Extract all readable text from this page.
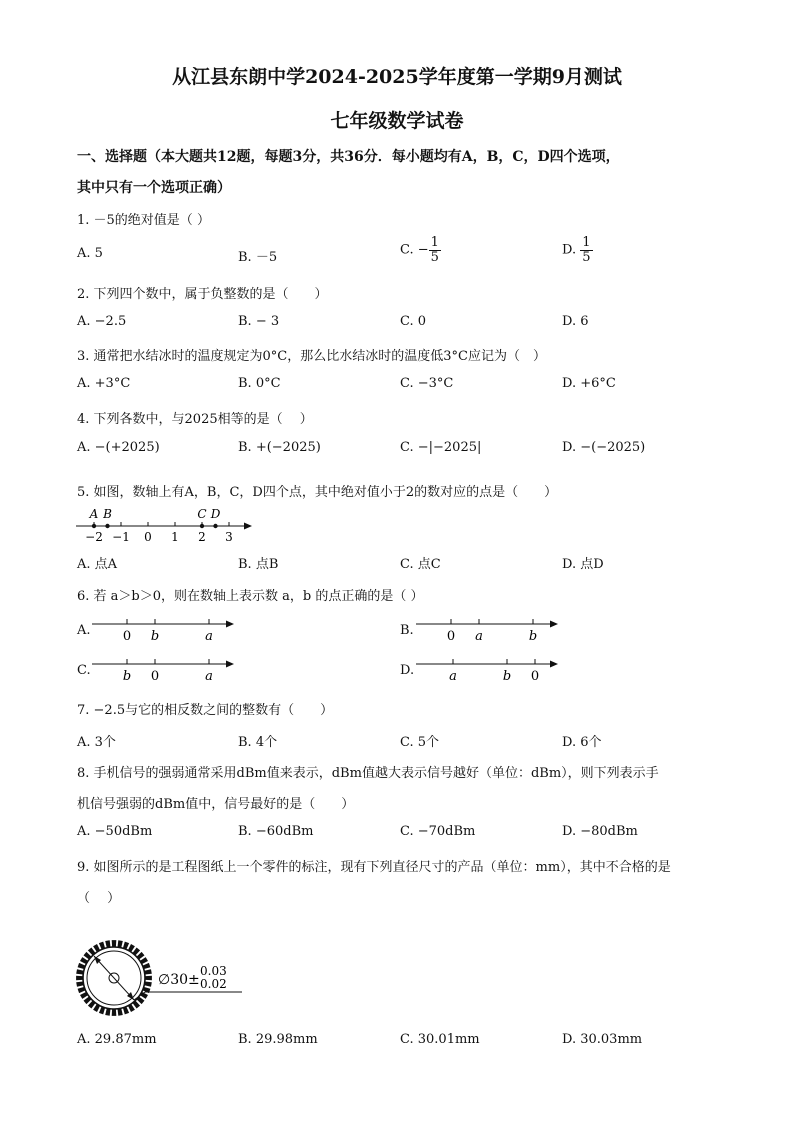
从江县东朗中学2024-2025学年度第一学期9月测试
七年级数学试卷
一、选择题（本大题共12题，每题3分，共36分．每小题均有A，B，C，D四个选项，
其中只有一个选项正确）
1. －5的绝对值是（ ）
A. 5	B. －5	C. − $\frac{1}{5}$	D. $\frac{1}{5}$
2. 下列四个数中，属于负整数的是（　　）
A. −2.5	B. − 3	C. 0	D. 6
3. 通常把水结冰时的温度规定为0°C，那么比水结冰时的温度低3°C应记为（　）
A. +3°C	B. 0°C	C. −3°C	D. +6°C
4. 下列各数中，与2025相等的是（　 ）
A. −(+2025)	B. +(−2025)	C. −|−2025|	D. −(−2025)
5. 如图，数轴上有A，B，C，D四个点，其中绝对值小于2的数对应的点是（　　）
−2 −1 0 1 2 3
A B	C D
A. 点A	B. 点B	C. 点C	D. 点D
6. 若 a＞b＞0，则在数轴上表示数 a，b 的点正确的是（ ）
A. 0 b	a	B.	0 a	b
C. b 0	a	D.	a	b 0
7. −2.5与它的相反数之间的整数有（　　）
A. 3个	B. 4个	C. 5个	D. 6个
8. 手机信号的强弱通常采用dBm值来表示，dBm值越大表示信号越好（单位：dBm），则下列表示手
机信号强弱的dBm值中，信号最好的是（　　）
A. −50dBm	B. −60dBm	C. −70dBm	D. −80dBm
9. 如图所示的是工程图纸上一个零件的标注，现有下列直径尺寸的产品（单位：mm），其中不合格的是
（　 ）
∅30±
0.03
0.02
A. 29.87mm	B. 29.98mm	C. 30.01mm	D. 30.03mm
